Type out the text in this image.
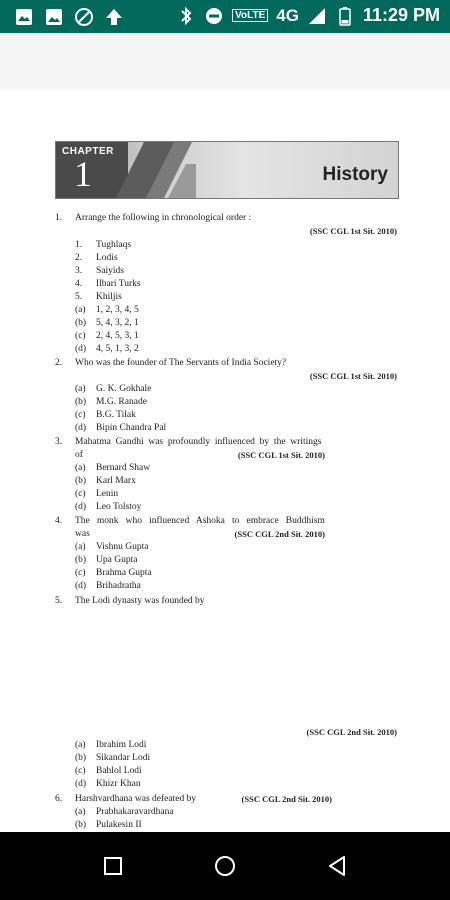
VoLTE 4G	11:29 PM
CHAPTER
1	History
1. Arrange the following in chronological order :
(SSC CGL 1st Sit. 2010)
1. Tughlaqs
2. Lodis
3. Saiyids
4. Ilbari Turks
5. Khiljis
(a) 1, 2, 3, 4, 5
(b) 5, 4, 3, 2, 1
(c) 2, 4, 5, 3, 1
(d) 4, 5, 1, 3, 2
2. Who was the founder of The Servants of India Society?
(SSC CGL 1st Sit. 2010)
(a) G. K. Gokhale
(b) M.G. Ranade
(c) B.G. Tilak
(d) Bipin Chandra Pal
3. Mahatma  Gandhi  was  profoundly  influenced  by  the  writings
of	(SSC CGL 1st Sit. 2010)
(a) Bernard Shaw
(b) Karl Marx
(c) Lenin
(d) Leo Tolstoy
4. The   monk   who   influenced   Ashoka   to   embrace   Buddhism
was	(SSC CGL 2nd Sit. 2010)
(a) Vishnu Gupta
(b) Upa Gupta
(c) Brahma Gupta
(d) Brihadratha
5. The Lodi dynasty was founded by
(SSC CGL 2nd Sit. 2010)
(a) Ibrahim Lodi
(b) Sikandar Lodi
(c) Bahlol Lodi
(d) Khizr Khan
6. Harshvardhana was defeated by	(SSC CGL 2nd Sit. 2010)
(a) Prabhakaravardhana
(b) Pulakesin II
